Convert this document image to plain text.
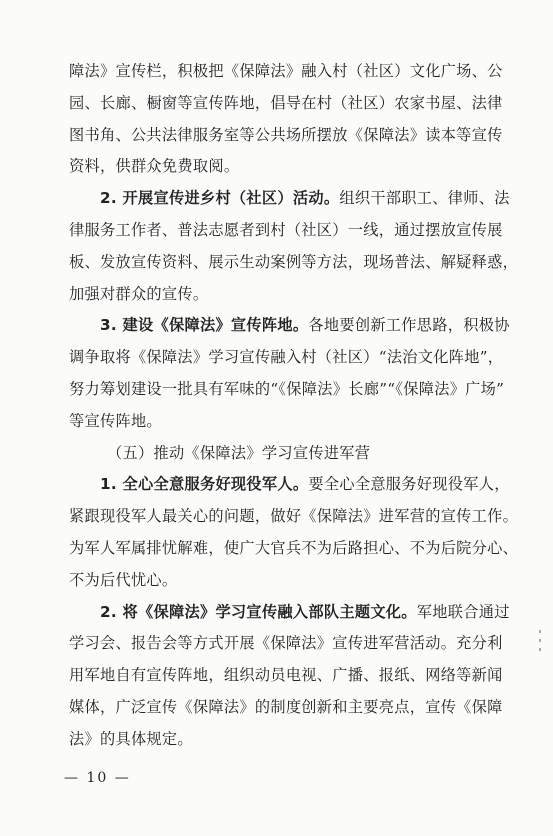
障法》宣传栏，积极把《保障法》融入村（社区）文化广场、公
园、长廊、橱窗等宣传阵地，倡导在村（社区）农家书屋、法律
图书角、公共法律服务室等公共场所摆放《保障法》读本等宣传
资料，供群众免费取阅。
2. 开展宣传进乡村（社区）活动。组织干部职工、律师、法
律服务工作者、普法志愿者到村（社区）一线，通过摆放宣传展
板、发放宣传资料、展示生动案例等方法，现场普法、解疑释惑，
加强对群众的宣传。
3. 建设《保障法》宣传阵地。各地要创新工作思路，积极协
调争取将《保障法》学习宣传融入村（社区）“法治文化阵地”，
努力筹划建设一批具有军味的“《保障法》长廊”“《保障法》广场”
等宣传阵地。
（五）推动《保障法》学习宣传进军营
1. 全心全意服务好现役军人。要全心全意服务好现役军人，
紧跟现役军人最关心的问题，做好《保障法》进军营的宣传工作。
为军人军属排忧解难，使广大官兵不为后路担心、不为后院分心、
不为后代忧心。
2. 将《保障法》学习宣传融入部队主题文化。军地联合通过
学习会、报告会等方式开展《保障法》宣传进军营活动。充分利
用军地自有宣传阵地，组织动员电视、广播、报纸、网络等新闻
媒体，广泛宣传《保障法》的制度创新和主要亮点，宣传《保障
法》的具体规定。
— 10 —
